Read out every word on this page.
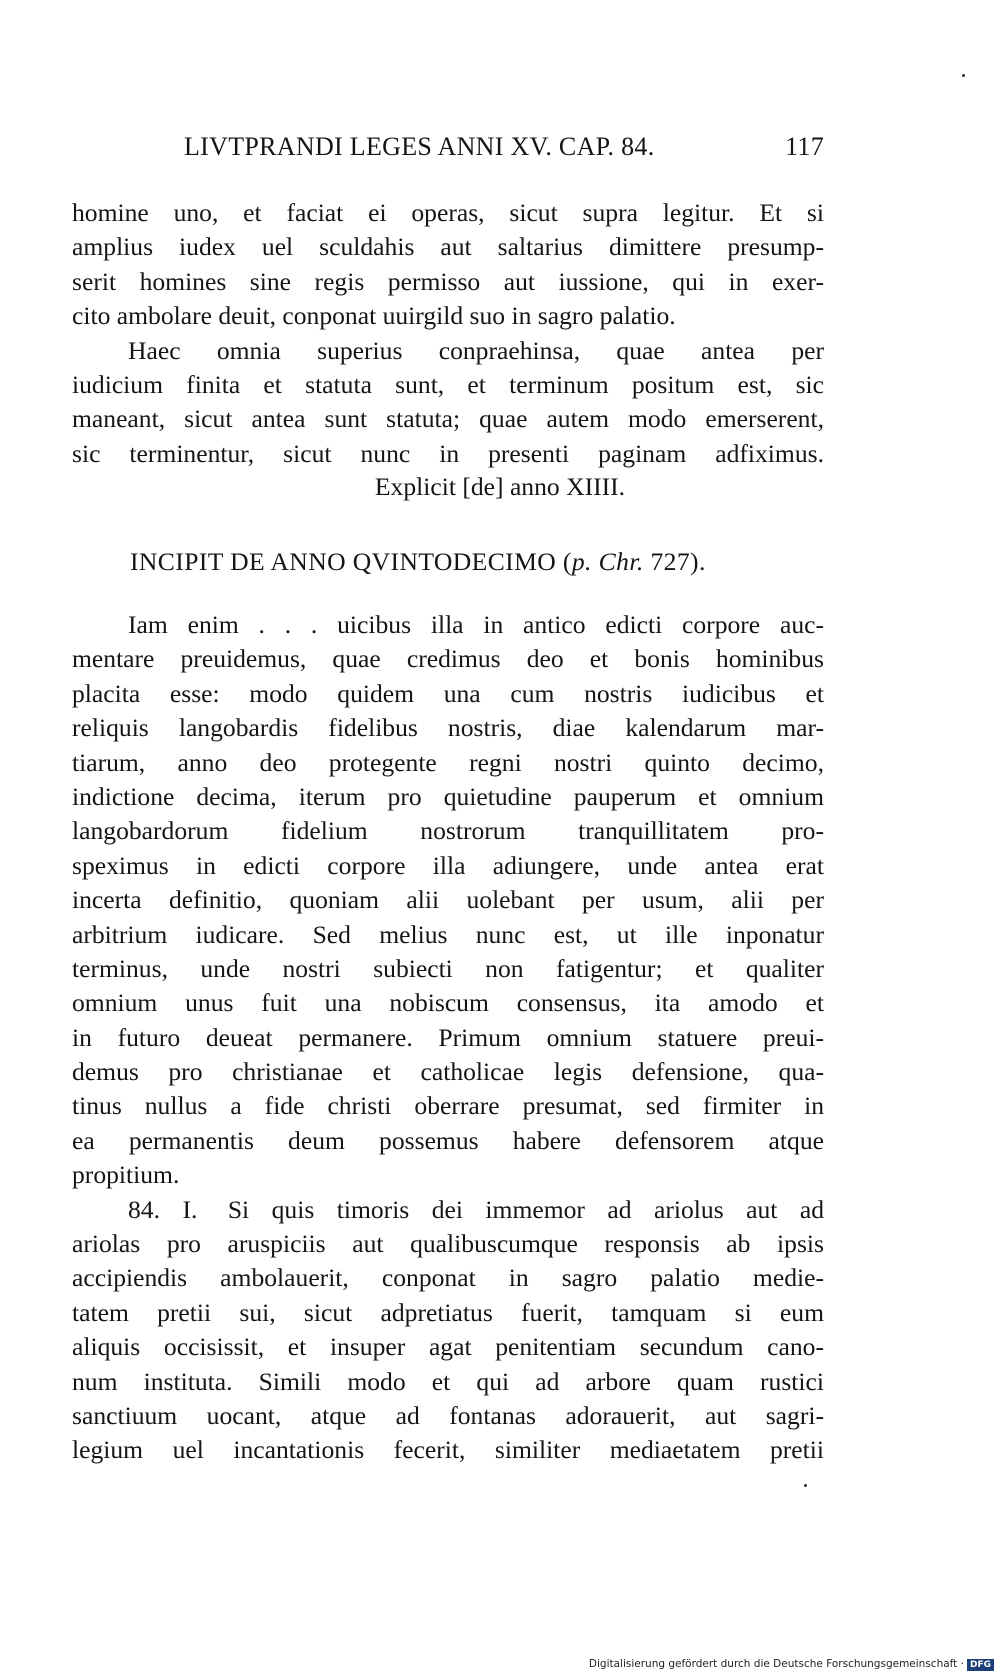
LIVTPRANDI LEGES ANNI XV. CAP. 84.	117
homine uno, et faciat ei operas, sicut supra legitur. Et si
amplius iudex uel sculdahis aut saltarius dimittere presump-
serit homines sine regis permisso aut iussione, qui in exer-
cito ambolare deuit, conponat uuirgild suo in sagro palatio.
Haec omnia superius conpraehinsa, quae antea per
iudicium finita et statuta sunt, et terminum positum est, sic
maneant, sicut antea sunt statuta; quae autem modo emerserent,
sic terminentur, sicut nunc in presenti paginam adfiximus.
Explicit [de] anno XIIII.
INCIPIT DE ANNO QVINTODECIMO (p. Chr. 727).
Iam enim . . . uicibus illa in antico edicti corpore auc-
mentare preuidemus, quae credimus deo et bonis hominibus
placita esse: modo quidem una cum nostris iudicibus et
reliquis langobardis fidelibus nostris, diae kalendarum mar-
tiarum, anno deo protegente regni nostri quinto decimo,
indictione decima, iterum pro quietudine pauperum et omnium
langobardorum fidelium nostrorum tranquillitatem pro-
speximus in edicti corpore illa adiungere, unde antea erat
incerta definitio, quoniam alii uolebant per usum, alii per
arbitrium iudicare. Sed melius nunc est, ut ille inponatur
terminus, unde nostri subiecti non fatigentur; et qualiter
omnium unus fuit una nobiscum consensus, ita amodo et
in futuro deueat permanere. Primum omnium statuere preui-
demus pro christianae et catholicae legis defensione, qua-
tinus nullus a fide christi oberrare presumat, sed firmiter in
ea permanentis deum possemus habere defensorem atque
propitium.
84. I. Si quis timoris dei immemor ad ariolus aut ad
ariolas pro aruspiciis aut qualibuscumque responsis ab ipsis
accipiendis ambolauerit, conponat in sagro palatio medie-
tatem pretii sui, sicut adpretiatus fuerit, tamquam si eum
aliquis occisissit, et insuper agat penitentiam secundum cano-
num instituta. Simili modo et qui ad arbore quam rustici
sanctiuum uocant, atque ad fontanas adorauerit, aut sagri-
legium uel incantationis fecerit, similiter mediaetatem pretii
Digitalisierung gefördert durch die Deutsche Forschungsgemeinschaft · DFG
